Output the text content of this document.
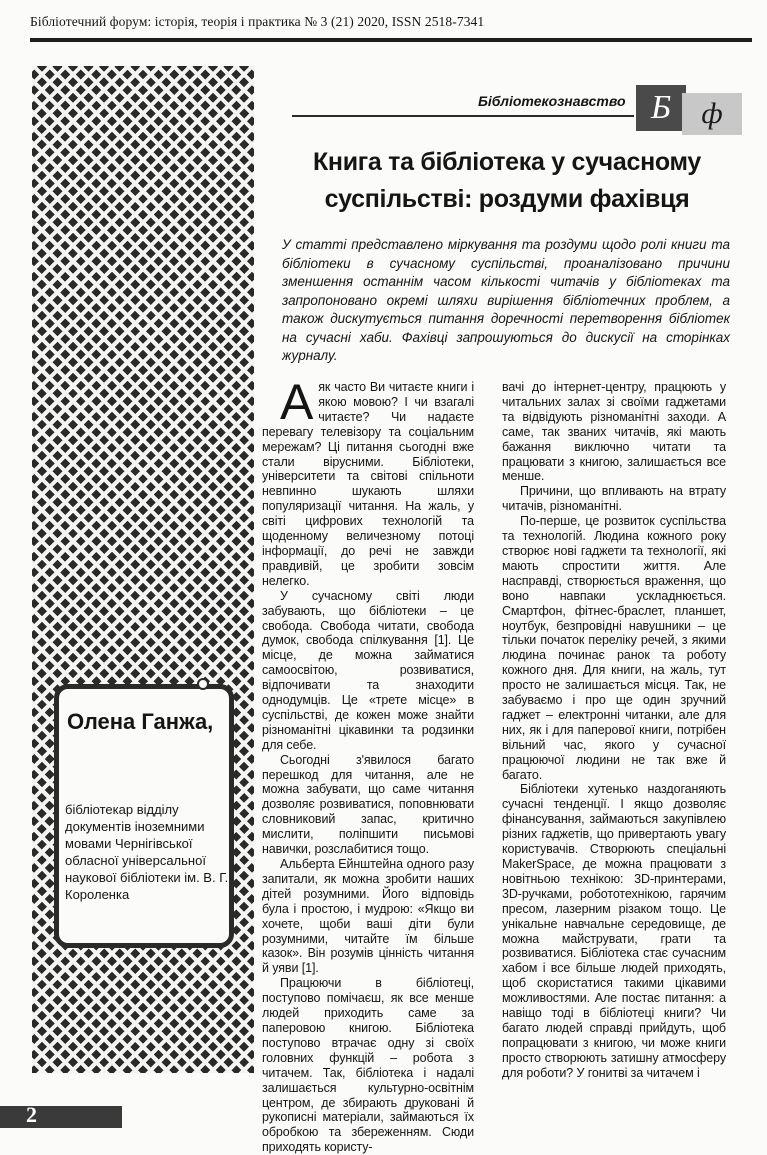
Бібліотечний форум: історія, теорія і практика № 3 (21) 2020, ISSN 2518-7341
Олена Ганжа,
бібліотекар відділу документів іноземними мовами Чернігівської обласної універсальної наукової бібліотеки ім. В. Г. Короленка
Бібліотекознавство Б	ф
Книга та бібліотека у сучасному суспільстві: роздуми фахівця
У статті представлено міркування та роздуми щодо ролі книги та бібліотеки в сучасному суспільстві, проаналізовано причини зменшення останнім часом кількості читачів у бібліотеках та запропоновано окремі шляхи вирішення бібліотечних проблем, а також дискутується питання доречності перетворення бібліотек на сучасні хаби. Фахівці запрошуються до дискусії на сторінках журналу.

Аяк часто Ви читаєте книги і якою мовою? І чи взагалі читаєте? Чи надаєте перевагу телевізору та соціальним мережам? Ці питання сьогодні вже стали вірусними. Бібліотеки, університети та світові спільноти невпинно шукають шляхи популяризації читання. На жаль, у світі цифрових технологій та щоденному величезному потоці інформації, до речі не завжди правдивій, це зробити зовсім нелегко.

У сучасному світі люди забувають, що бібліотеки – це свобода. Свобода читати, свобода думок, свобода спілкування [1]. Це місце, де можна займатися самоосвітою, розвиватися, відпочивати та знаходити однодумців. Це «трете місце» в суспільстві, де кожен може знайти різноманітні цікавинки та родзинки для себе.

Сьогодні з'явилося багато перешкод для читання, але не можна забувати, що саме читання дозволяє розвиватися, поповнювати словниковий запас, критично мислити, поліпшити письмові навички, розслабитися тощо.

Альберта Ейнштейна одного разу запитали, як можна зробити наших дітей розумними. Його відповідь була і простою, і мудрою: «Якщо ви хочете, щоби ваші діти були розумними, читайте їм більше казок». Він розумів цінність читання й уяви [1].

Працюючи в бібліотеці, поступово помічаєш, як все менше людей приходить саме за паперовою книгою. Бібліотека поступово втрачає одну зі своїх головних функцій – робота з читачем. Так, бібліотека і надалі залишається культурно-освітнім центром, де збирають друковані й рукописні матеріали, займаються їх обробкою та збереженням. Сюди приходять користу-

вачі до інтернет-центру, працюють у читальних залах зі своїми гаджетами та відвідують різноманітні заходи. А саме, так званих читачів, які мають бажання виключно читати та працювати з книгою, залишається все менше.

Причини, що впливають на втрату читачів, різноманітні.

По-перше, це розвиток суспільства та технологій. Людина кожного року створює нові гаджети та технології, які мають спростити життя. Але насправді, створюється враження, що воно навпаки ускладнюється. Смартфон, фітнес-браслет, планшет, ноутбук, безпровідні навушники – це тільки початок переліку речей, з якими людина починає ранок та роботу кожного дня. Для книги, на жаль, тут просто не залишається місця. Так, не забуваємо і про ще один зручний гаджет – електронні читанки, але для них, як і для паперової книги, потрібен вільний час, якого у сучасної працюючої людини не так вже й багато.

Бібліотеки хутенько наздоганяють сучасні тенденції. І якщо дозволяє фінансування, займаються закупівлею різних гаджетів, що привертають увагу користувачів. Створюють спеціальні MakerSpace, де можна працювати з новітньою технікою: 3D-принтерами, 3D-ручками, робототехнікою, гарячим пресом, лазерним різаком тощо. Це унікальне навчальне середовище, де можна майструвати, грати та розвиватися. Бібліотека стає сучасним хабом і все більше людей приходять, щоб скористатися такими цікавими можливостями. Але постає питання: а навіщо тоді в бібліотеці книги? Чи багато людей справді прийдуть, щоб попрацювати з книгою, чи може книги просто створюють затишну атмосферу для роботи? У гонитві за читачем і

2
